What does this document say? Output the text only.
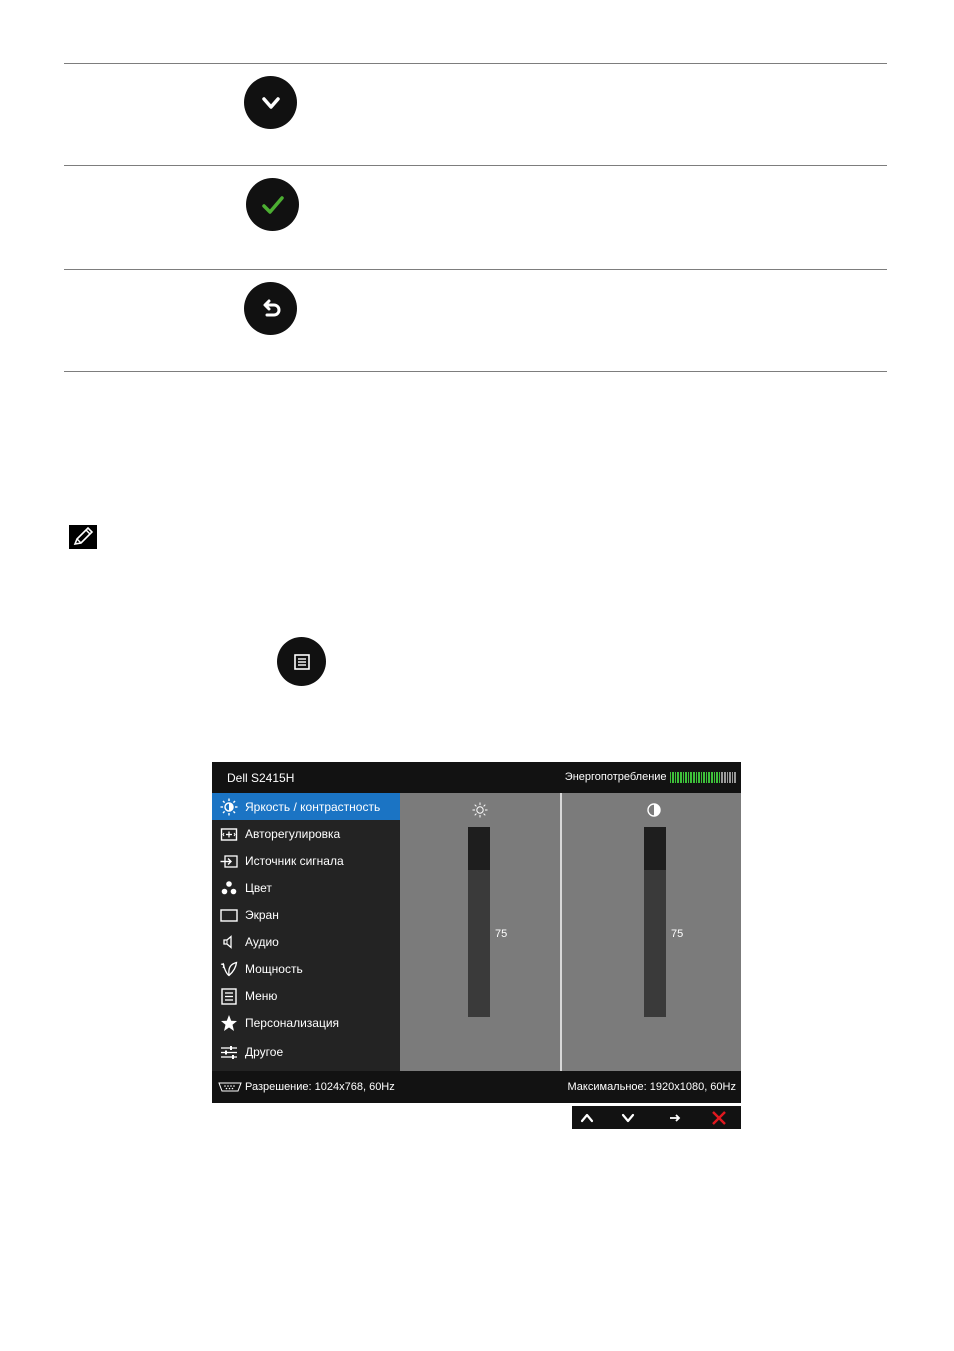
Dell S2415H	Энергопотребление
Яркость / контрастность
Авторегулировка
Источник сигнала
Цвет
Экран
Аудио
Мощность
Меню
Персонализация
Другое
75	75
Разрешение: 1024x768, 60Hz	Максимальное: 1920x1080, 60Hz
